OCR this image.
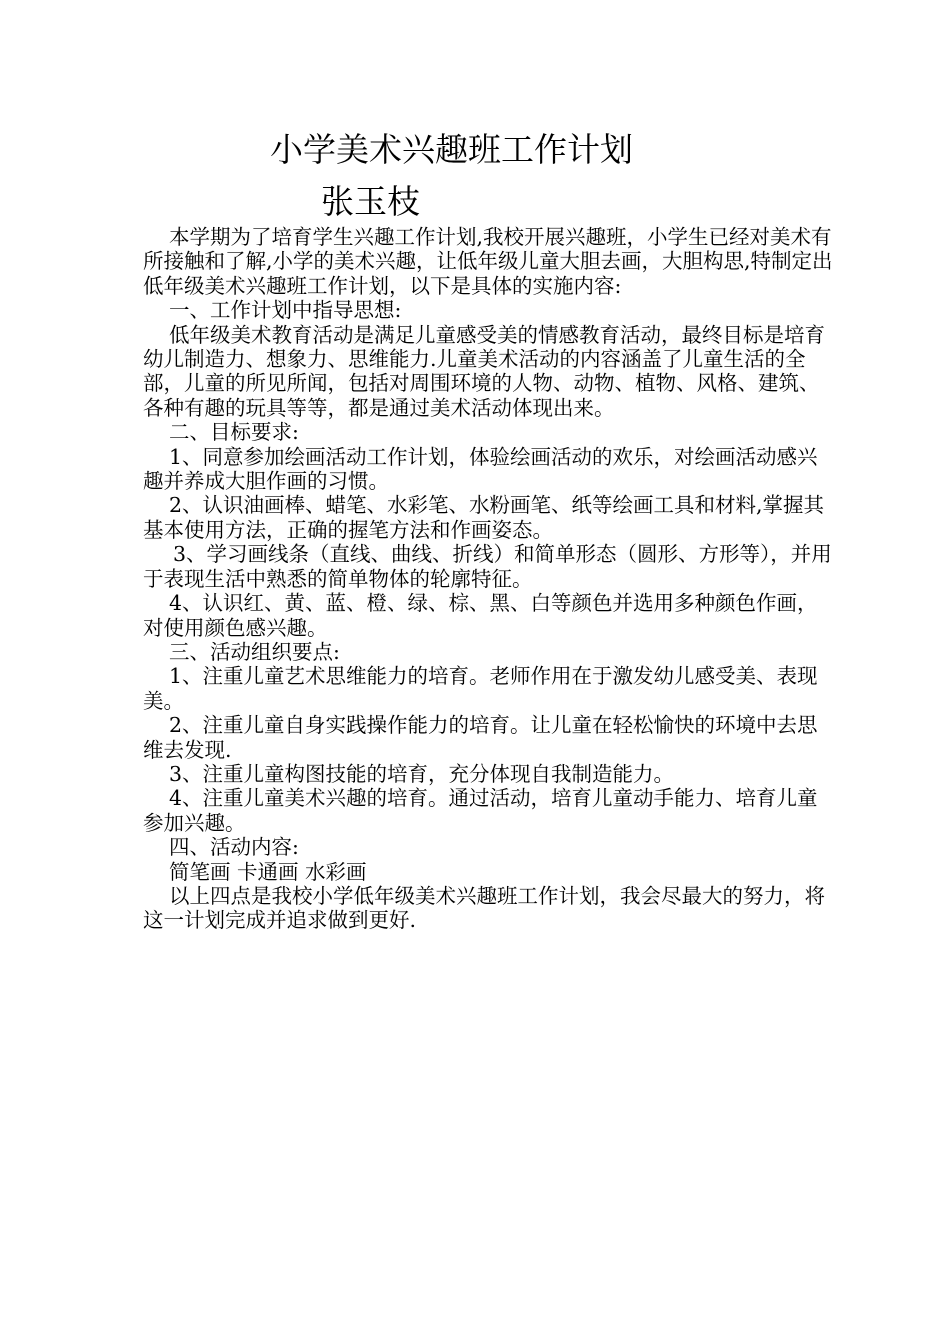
小学美术兴趣班工作计划
张玉枝

本学期为了培育学生兴趣工作计划,我校开展兴趣班，小学生已经对美术有所接触和了解,小学的美术兴趣，让低年级儿童大胆去画，大胆构思,特制定出低年级美术兴趣班工作计划，以下是具体的实施内容:

一、工作计划中指导思想:

低年级美术教育活动是满足儿童感受美的情感教育活动，最终目标是培育幼儿制造力、想象力、思维能力.儿童美术活动的内容涵盖了儿童生活的全部，儿童的所见所闻，包括对周围环境的人物、动物、植物、风格、建筑、各种有趣的玩具等等，都是通过美术活动体现出来。

二、目标要求:

1、同意参加绘画活动工作计划，体验绘画活动的欢乐，对绘画活动感兴趣并养成大胆作画的习惯。

2、认识油画棒、蜡笔、水彩笔、水粉画笔、纸等绘画工具和材料,掌握其基本使用方法，正确的握笔方法和作画姿态。

3、学习画线条（直线、曲线、折线）和简单形态（圆形、方形等），并用于表现生活中熟悉的简单物体的轮廓特征。

4、认识红、黄、蓝、橙、绿、棕、黑、白等颜色并选用多种颜色作画，对使用颜色感兴趣。

三、活动组织要点:

1、注重儿童艺术思维能力的培育。老师作用在于激发幼儿感受美、表现美。

2、注重儿童自身实践操作能力的培育。让儿童在轻松愉快的环境中去思维去发现.

3、注重儿童构图技能的培育，充分体现自我制造能力。

4、注重儿童美术兴趣的培育。通过活动，培育儿童动手能力、培育儿童参加兴趣。

四、活动内容:

简笔画 卡通画 水彩画

以上四点是我校小学低年级美术兴趣班工作计划，我会尽最大的努力，将这一计划完成并追求做到更好.
